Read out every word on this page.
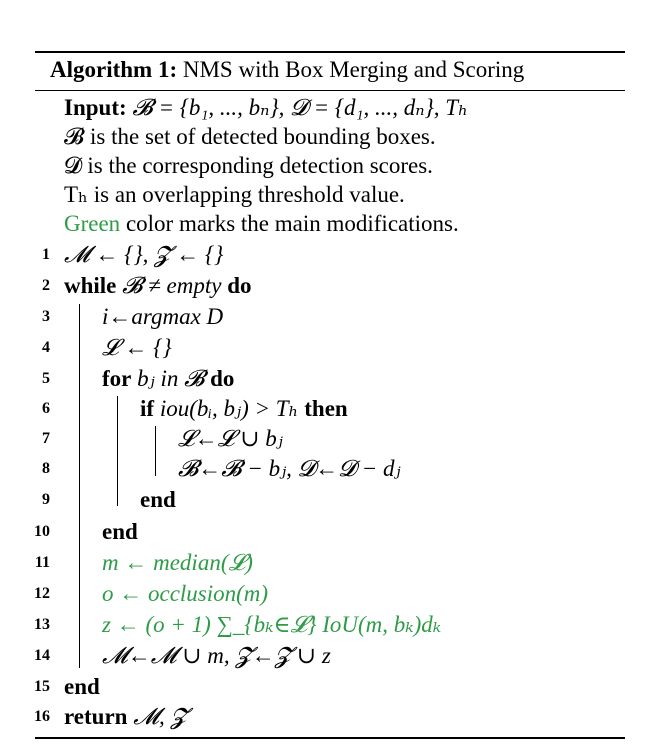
Algorithm 1: NMS with Box Merging and Scoring
Input: 𝓑 = {b₁, ..., bₙ}, 𝓓 = {d₁, ..., dₙ}, Tₕ
𝓑 is the set of detected bounding boxes.
𝓓 is the corresponding detection scores.
Tₕ is an overlapping threshold value.
Green color marks the main modifications.
1 𝓜 ← {}, 𝓩 ← {}
2 while 𝓑 ≠ empty do
3 i←argmax D
4 𝓛 ← {}
5 for bⱼ in 𝓑 do
6	if iou(bᵢ, bⱼ) > Tₕ then
7	𝓛←𝓛 ∪ bⱼ
8	𝓑←𝓑 − bⱼ, 𝓓←𝓓 − dⱼ
9	end
10 end
11 m ← median(𝓛)
12 o ← occlusion(m)
13 z ← (o + 1) ∑_{bₖ∈𝓛} IoU(m, bₖ)dₖ
14 𝓜←𝓜 ∪ m, 𝓩←𝓩 ∪ z
15 end
16 return 𝓜, 𝓩
